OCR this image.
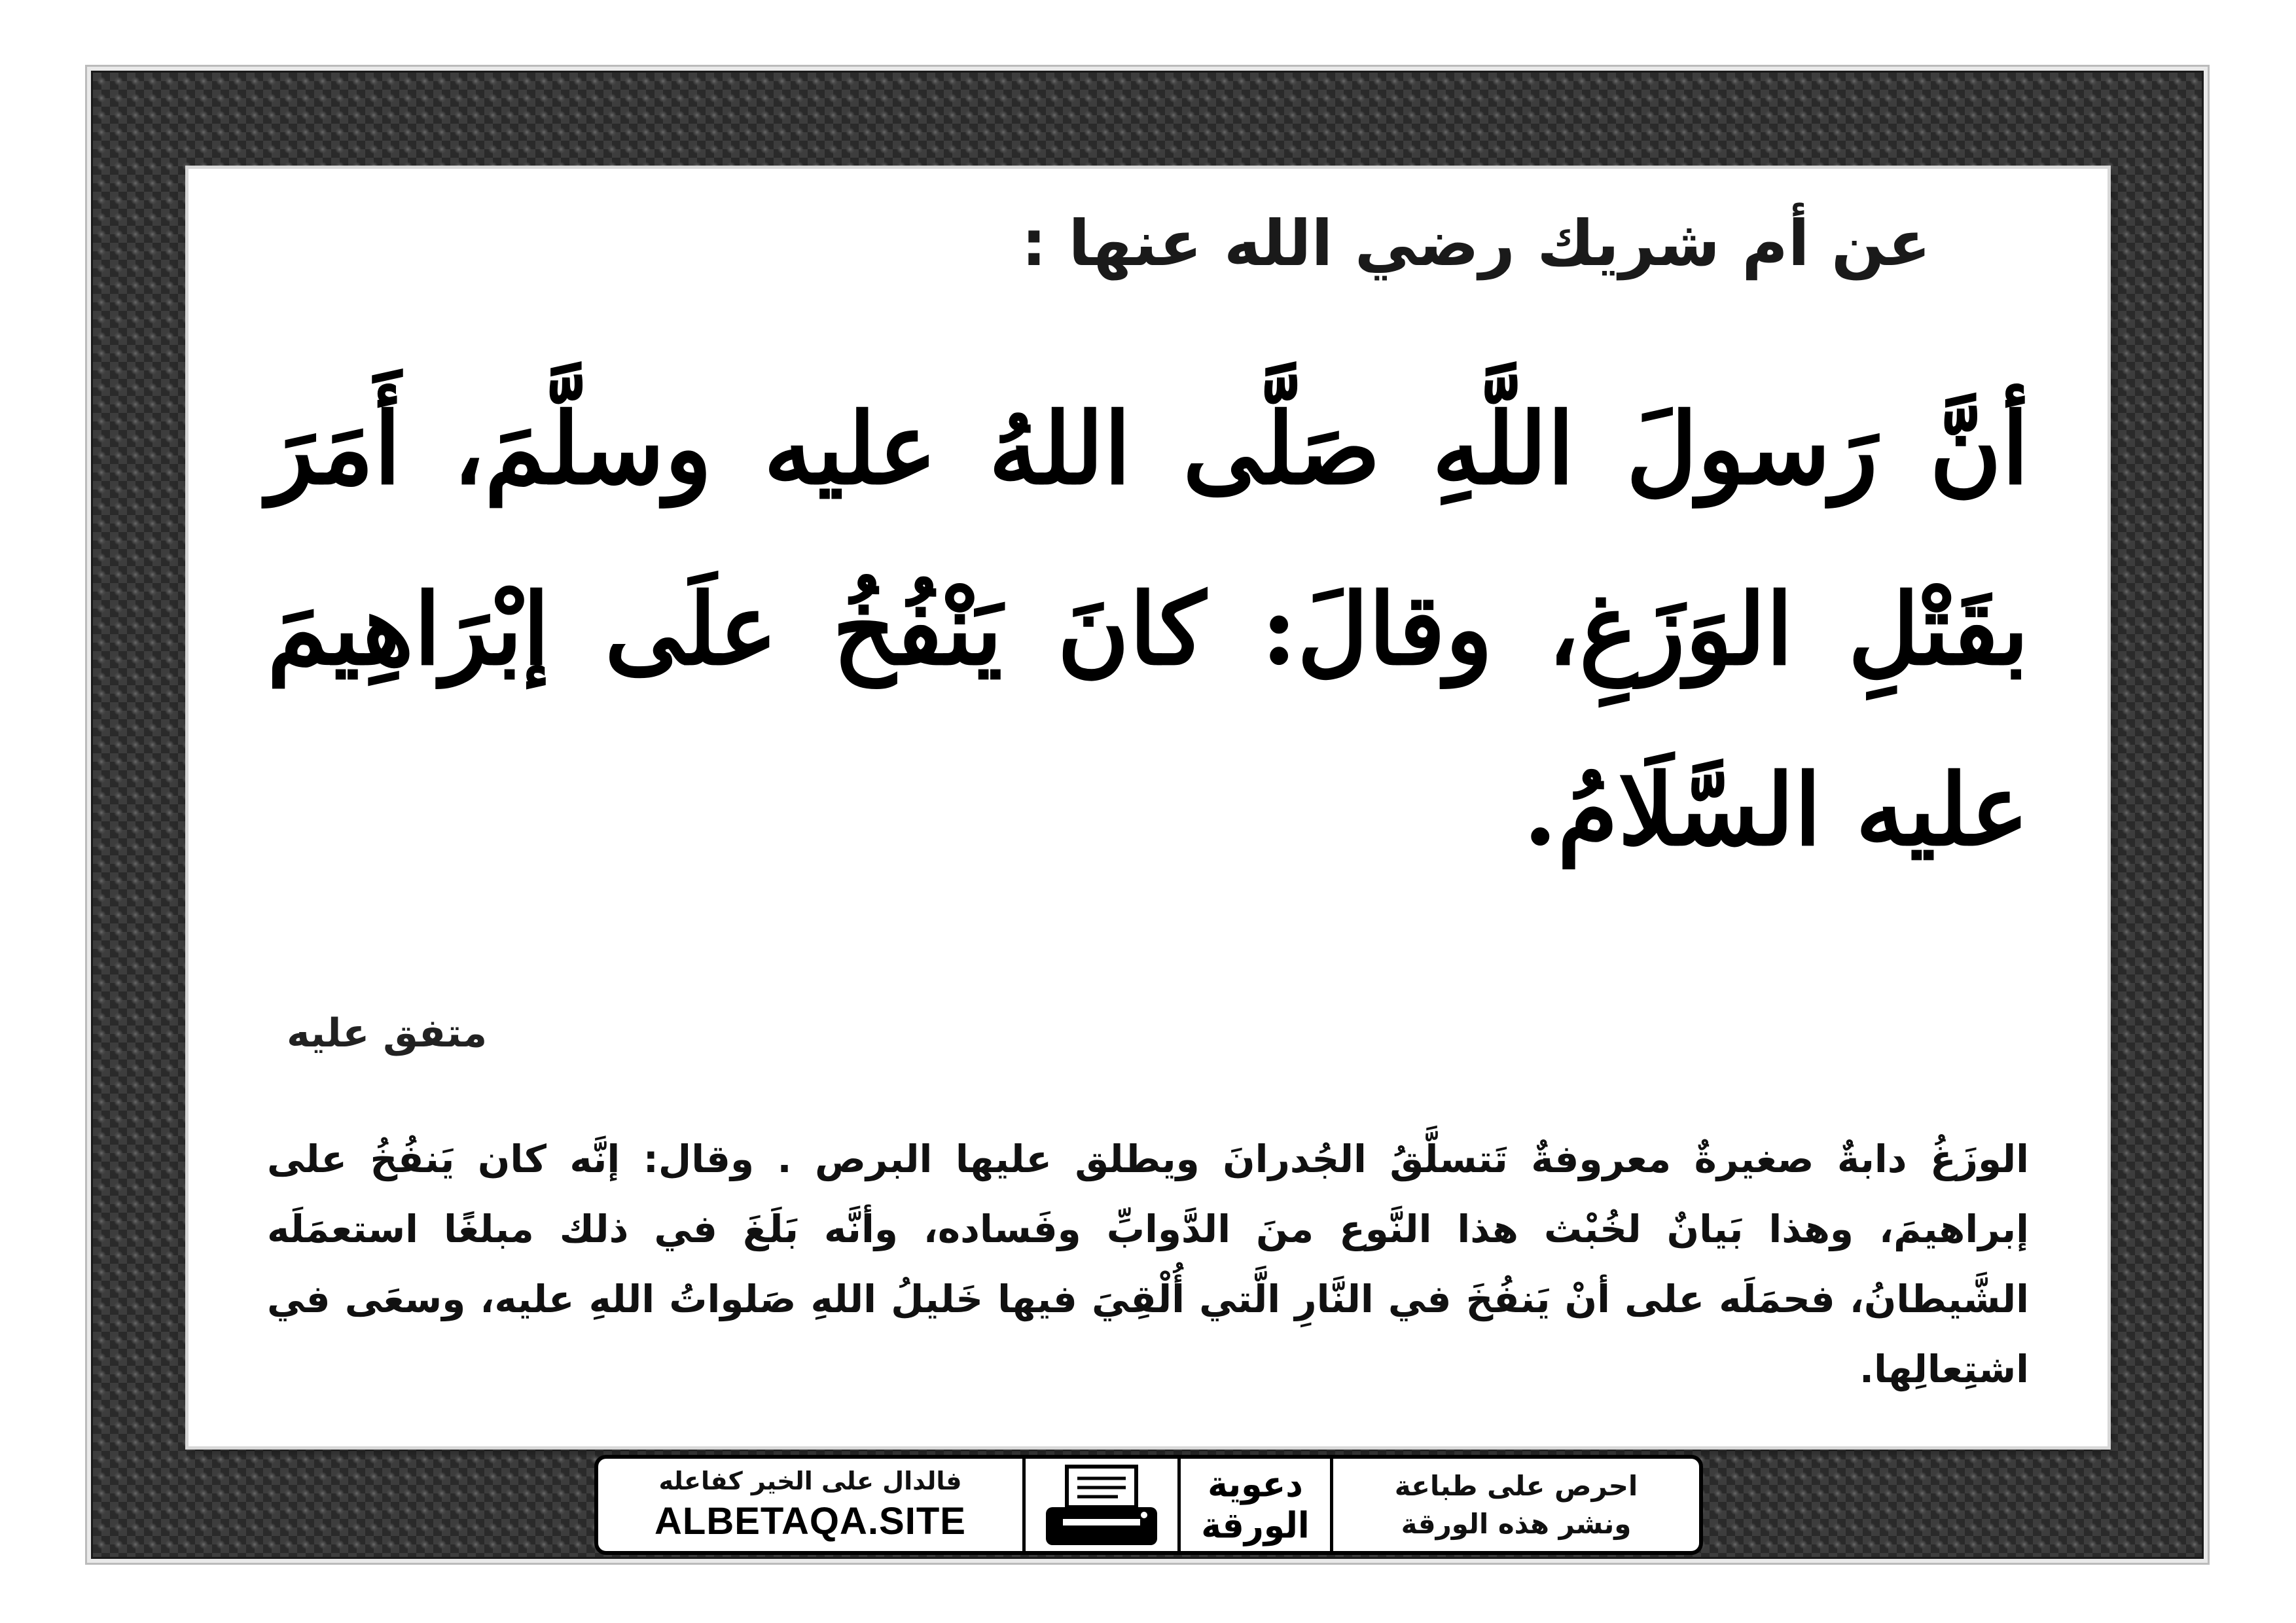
عن أم شريك رضي الله عنها :
أنَّ رَسولَ اللَّهِ صَلَّى اللهُ عليه وسلَّمَ، أَمَرَ بقَتْلِ الوَزَغِ، وقالَ: كانَ يَنْفُخُ علَى إبْرَاهِيمَ عليه السَّلَامُ.
متفق عليه
الوزَغُ دابةٌ صغيرةٌ معروفةٌ تَتسلَّقُ الجُدرانَ ويطلق عليها البرص . وقال: إنَّه كان يَنفُخُ على إبراهيمَ، وهذا بَيانٌ لخُبْث هذا النَّوع منَ الدَّوابِّ وفَساده، وأنَّه بَلَغَ في ذلك مبلغًا استعمَلَه الشَّيطانُ، فحمَلَه على أنْ يَنفُخَ في النَّارِ الَّتي أُلْقِيَ فيها خَليلُ اللهِ صَلواتُ اللهِ عليه، وسعَى في اشتِعالِها.
فالدال على الخير كفاعله
ALBETAQA.SITE
دعوية الورقة
احرص على طباعة
ونشر هذه الورقة
